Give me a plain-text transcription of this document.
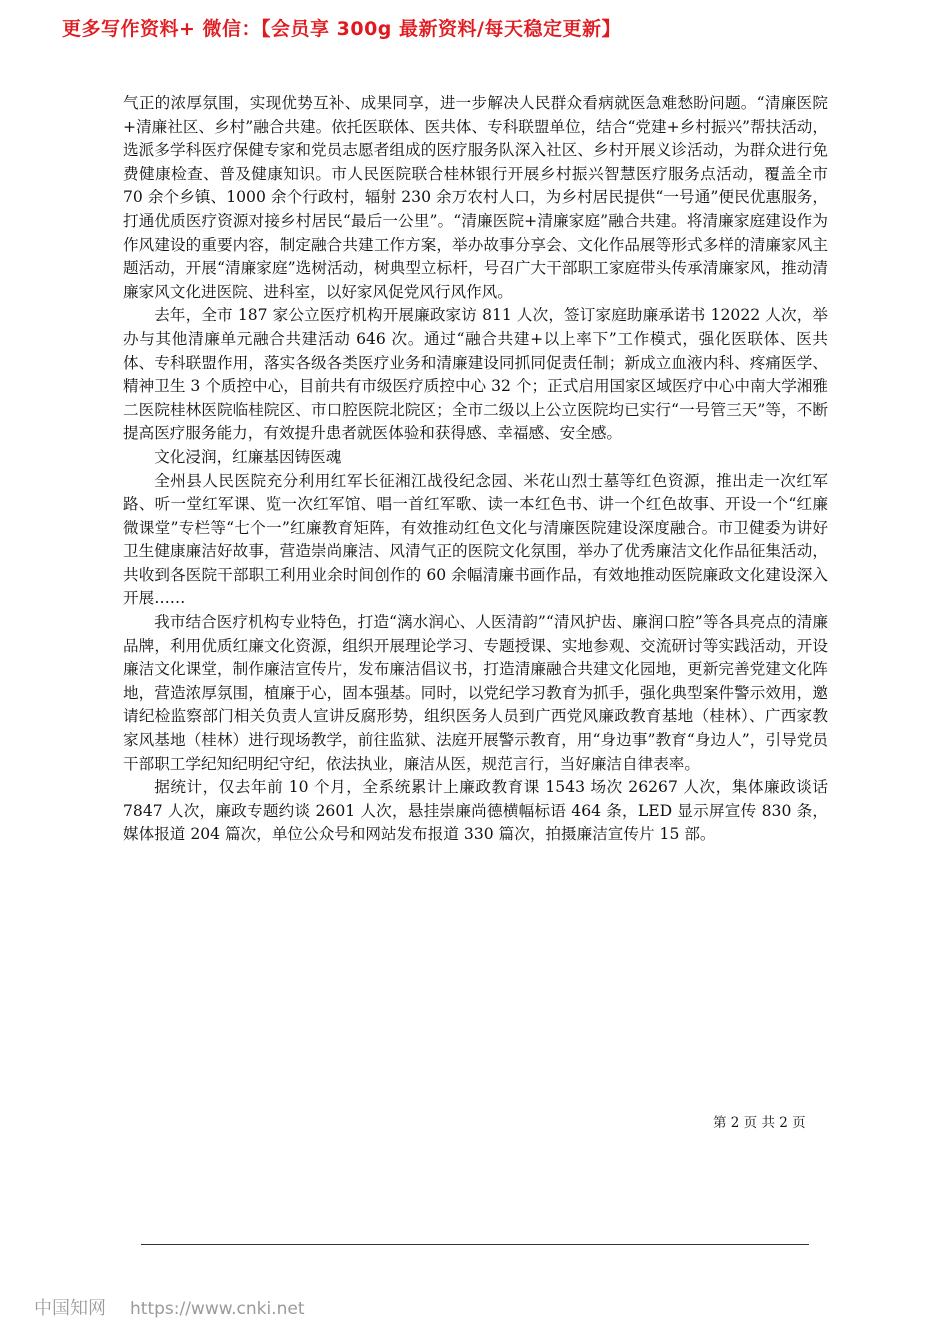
更多写作资料+ 微信：【会员享 300g 最新资料/每天稳定更新】

气正的浓厚氛围，实现优势互补、成果同享，进一步解决人民群众看病就医急难愁盼问题。“清廉医院+清廉社区、乡村”融合共建。依托医联体、医共体、专科联盟单位，结合“党建+乡村振兴”帮扶活动，选派多学科医疗保健专家和党员志愿者组成的医疗服务队深入社区、乡村开展义诊活动，为群众进行免费健康检查、普及健康知识。市人民医院联合桂林银行开展乡村振兴智慧医疗服务点活动，覆盖全市 70 余个乡镇、1000 余个行政村，辐射 230 余万农村人口，为乡村居民提供“一号通”便民优惠服务，打通优质医疗资源对接乡村居民“最后一公里”。“清廉医院+清廉家庭”融合共建。将清廉家庭建设作为作风建设的重要内容，制定融合共建工作方案，举办故事分享会、文化作品展等形式多样的清廉家风主题活动，开展“清廉家庭”选树活动，树典型立标杆，号召广大干部职工家庭带头传承清廉家风，推动清廉家风文化进医院、进科室，以好家风促党风行风作风。

去年，全市 187 家公立医疗机构开展廉政家访 811 人次，签订家庭助廉承诺书 12022 人次，举办与其他清廉单元融合共建活动 646 次。通过“融合共建+以上率下”工作模式，强化医联体、医共体、专科联盟作用，落实各级各类医疗业务和清廉建设同抓同促责任制；新成立血液内科、疼痛医学、精神卫生 3 个质控中心，目前共有市级医疗质控中心 32 个；正式启用国家区域医疗中心中南大学湘雅二医院桂林医院临桂院区、市口腔医院北院区；全市二级以上公立医院均已实行“一号管三天”等，不断提高医疗服务能力，有效提升患者就医体验和获得感、幸福感、安全感。

文化浸润，红廉基因铸医魂

全州县人民医院充分利用红军长征湘江战役纪念园、米花山烈士墓等红色资源，推出走一次红军路、听一堂红军课、览一次红军馆、唱一首红军歌、读一本红色书、讲一个红色故事、开设一个“红廉微课堂”专栏等“七个一”红廉教育矩阵，有效推动红色文化与清廉医院建设深度融合。市卫健委为讲好卫生健康廉洁好故事，营造崇尚廉洁、风清气正的医院文化氛围，举办了优秀廉洁文化作品征集活动，共收到各医院干部职工利用业余时间创作的 60 余幅清廉书画作品，有效地推动医院廉政文化建设深入开展……

我市结合医疗机构专业特色，打造“漓水润心、人医清韵”“清风护齿、廉润口腔”等各具亮点的清廉品牌，利用优质红廉文化资源，组织开展理论学习、专题授课、实地参观、交流研讨等实践活动，开设廉洁文化课堂，制作廉洁宣传片，发布廉洁倡议书，打造清廉融合共建文化园地，更新完善党建文化阵地，营造浓厚氛围，植廉于心，固本强基。同时，以党纪学习教育为抓手，强化典型案件警示效用，邀请纪检监察部门相关负责人宣讲反腐形势，组织医务人员到广西党风廉政教育基地（桂林）、广西家教家风基地（桂林）进行现场教学，前往监狱、法庭开展警示教育，用“身边事”教育“身边人”，引导党员干部职工学纪知纪明纪守纪，依法执业，廉洁从医，规范言行，当好廉洁自律表率。

据统计，仅去年前 10 个月，全系统累计上廉政教育课 1543 场次 26267 人次，集体廉政谈话 7847 人次，廉政专题约谈 2601 人次，悬挂崇廉尚德横幅标语 464 条，LED 显示屏宣传 830 条，媒体报道 204 篇次，单位公众号和网站发布报道 330 篇次，拍摄廉洁宣传片 15 部。

第 2 页 共 2 页
中国知网 https://www.cnki.net
